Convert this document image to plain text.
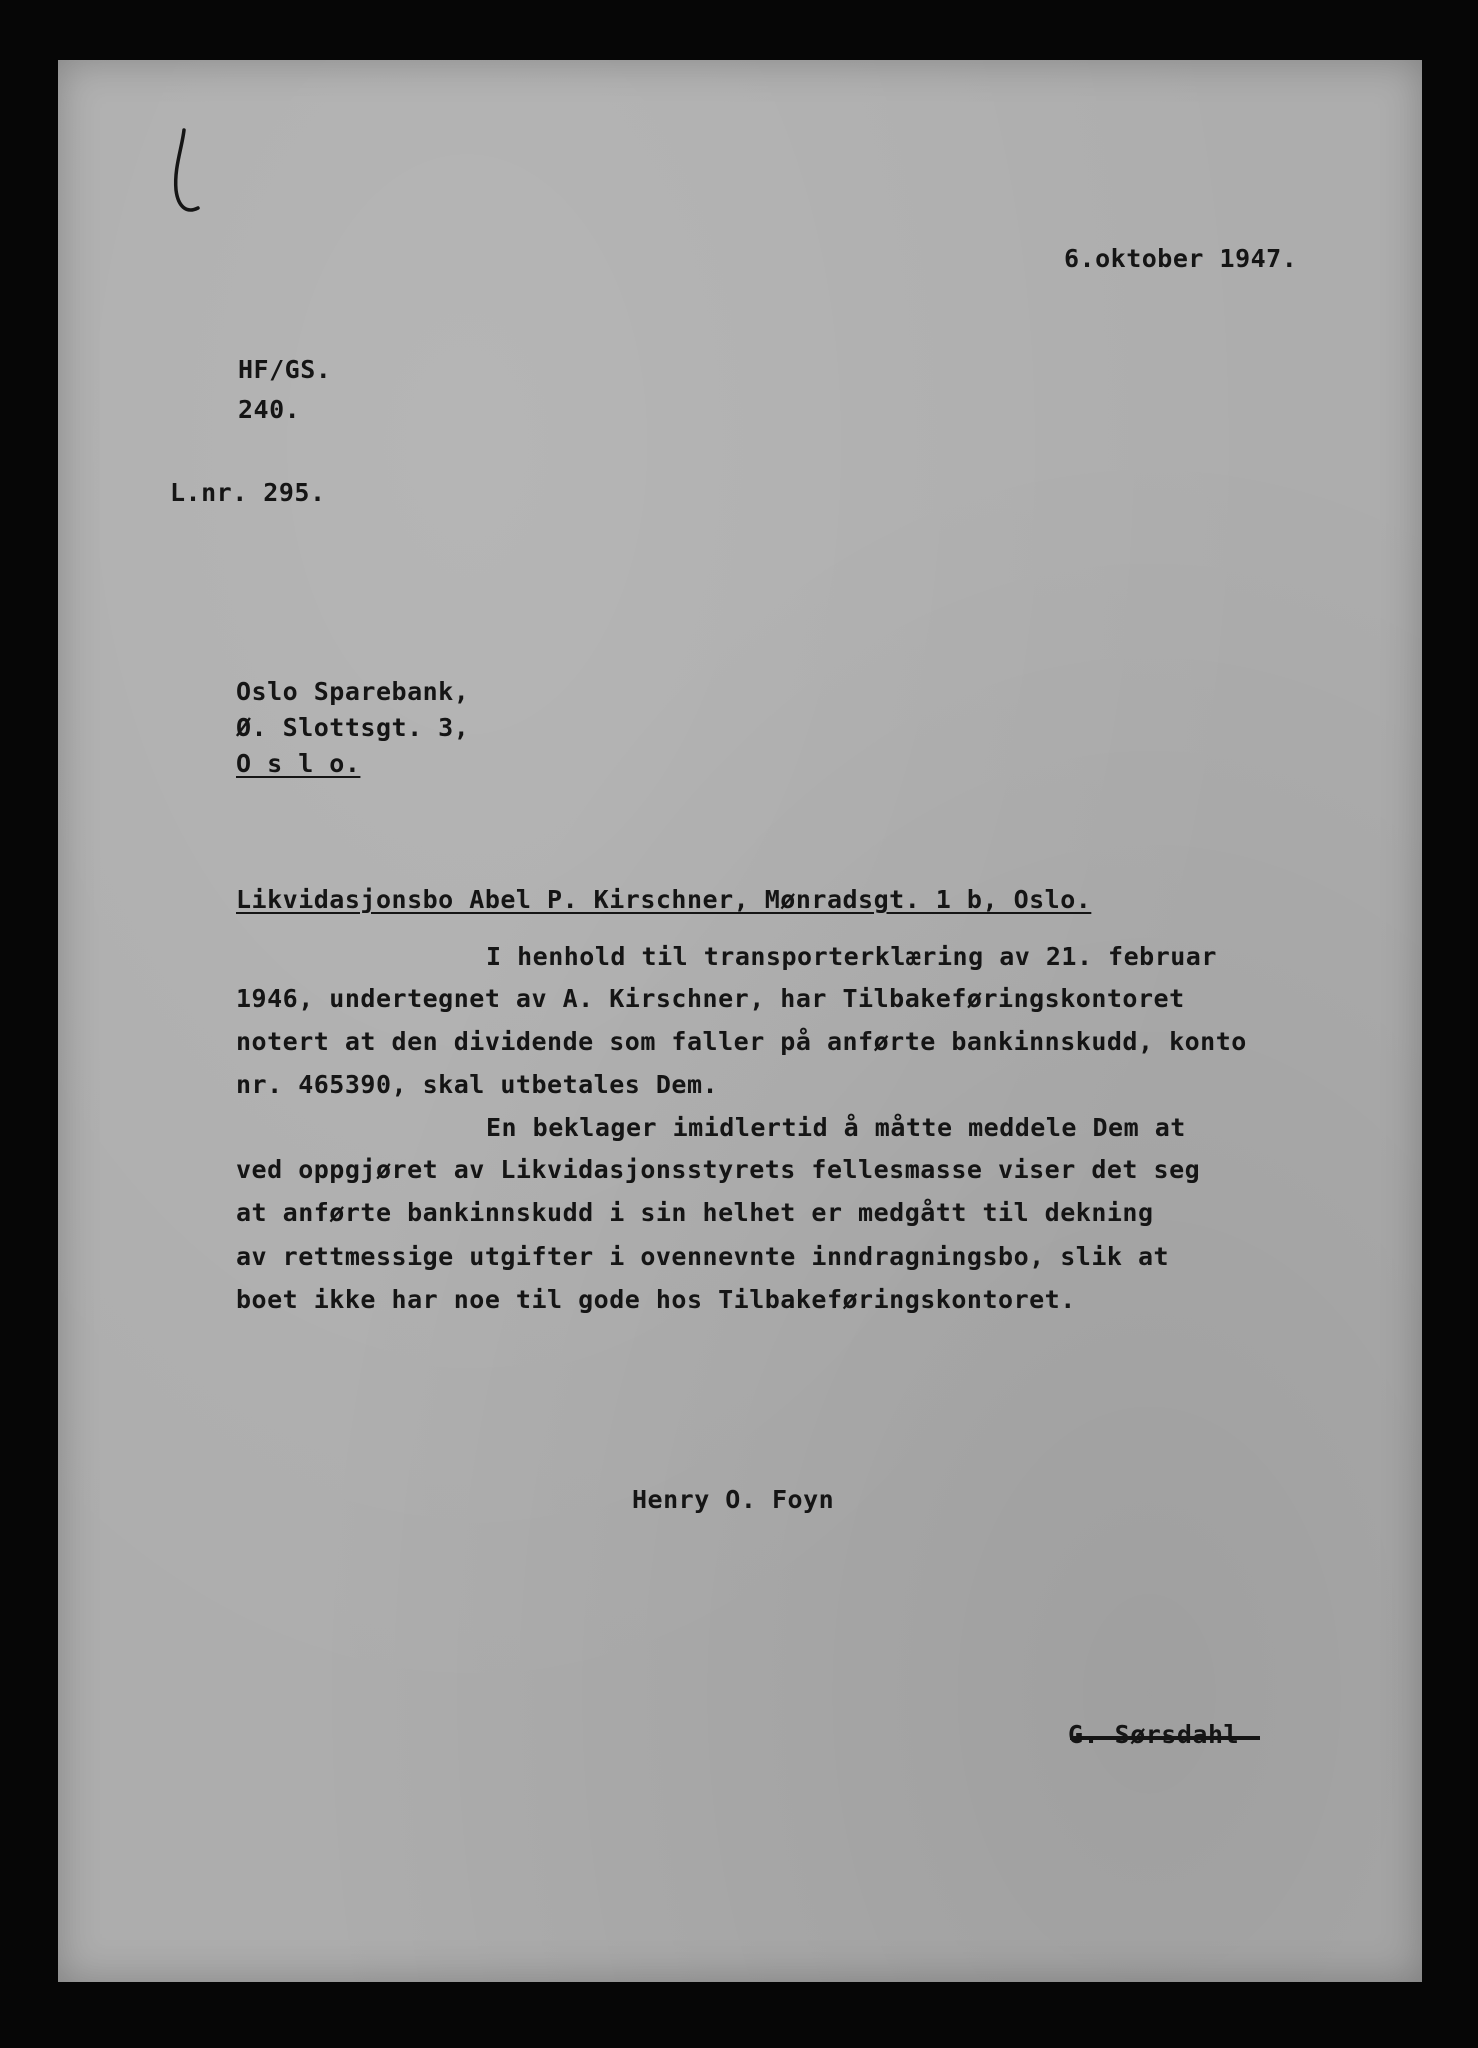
6.oktober 1947.
HF/GS.
240.
L.nr. 295.
Oslo Sparebank,
Ø. Slottsgt. 3,
O s l o.
Likvidasjonsbo Abel P. Kirschner, Mønradsgt. 1 b, Oslo.
I henhold til transporterklæring av 21. februar
1946, undertegnet av A. Kirschner, har Tilbakeføringskontoret
notert at den dividende som faller på anførte bankinnskudd, konto
nr. 465390, skal utbetales Dem.
En beklager imidlertid å måtte meddele Dem at
ved oppgjøret av Likvidasjonsstyrets fellesmasse viser det seg
at anførte bankinnskudd i sin helhet er medgått til dekning
av rettmessige utgifter i ovennevnte inndragningsbo, slik at
boet ikke har noe til gode hos Tilbakeføringskontoret.
Henry O. Foyn
G. Sørsdahl
